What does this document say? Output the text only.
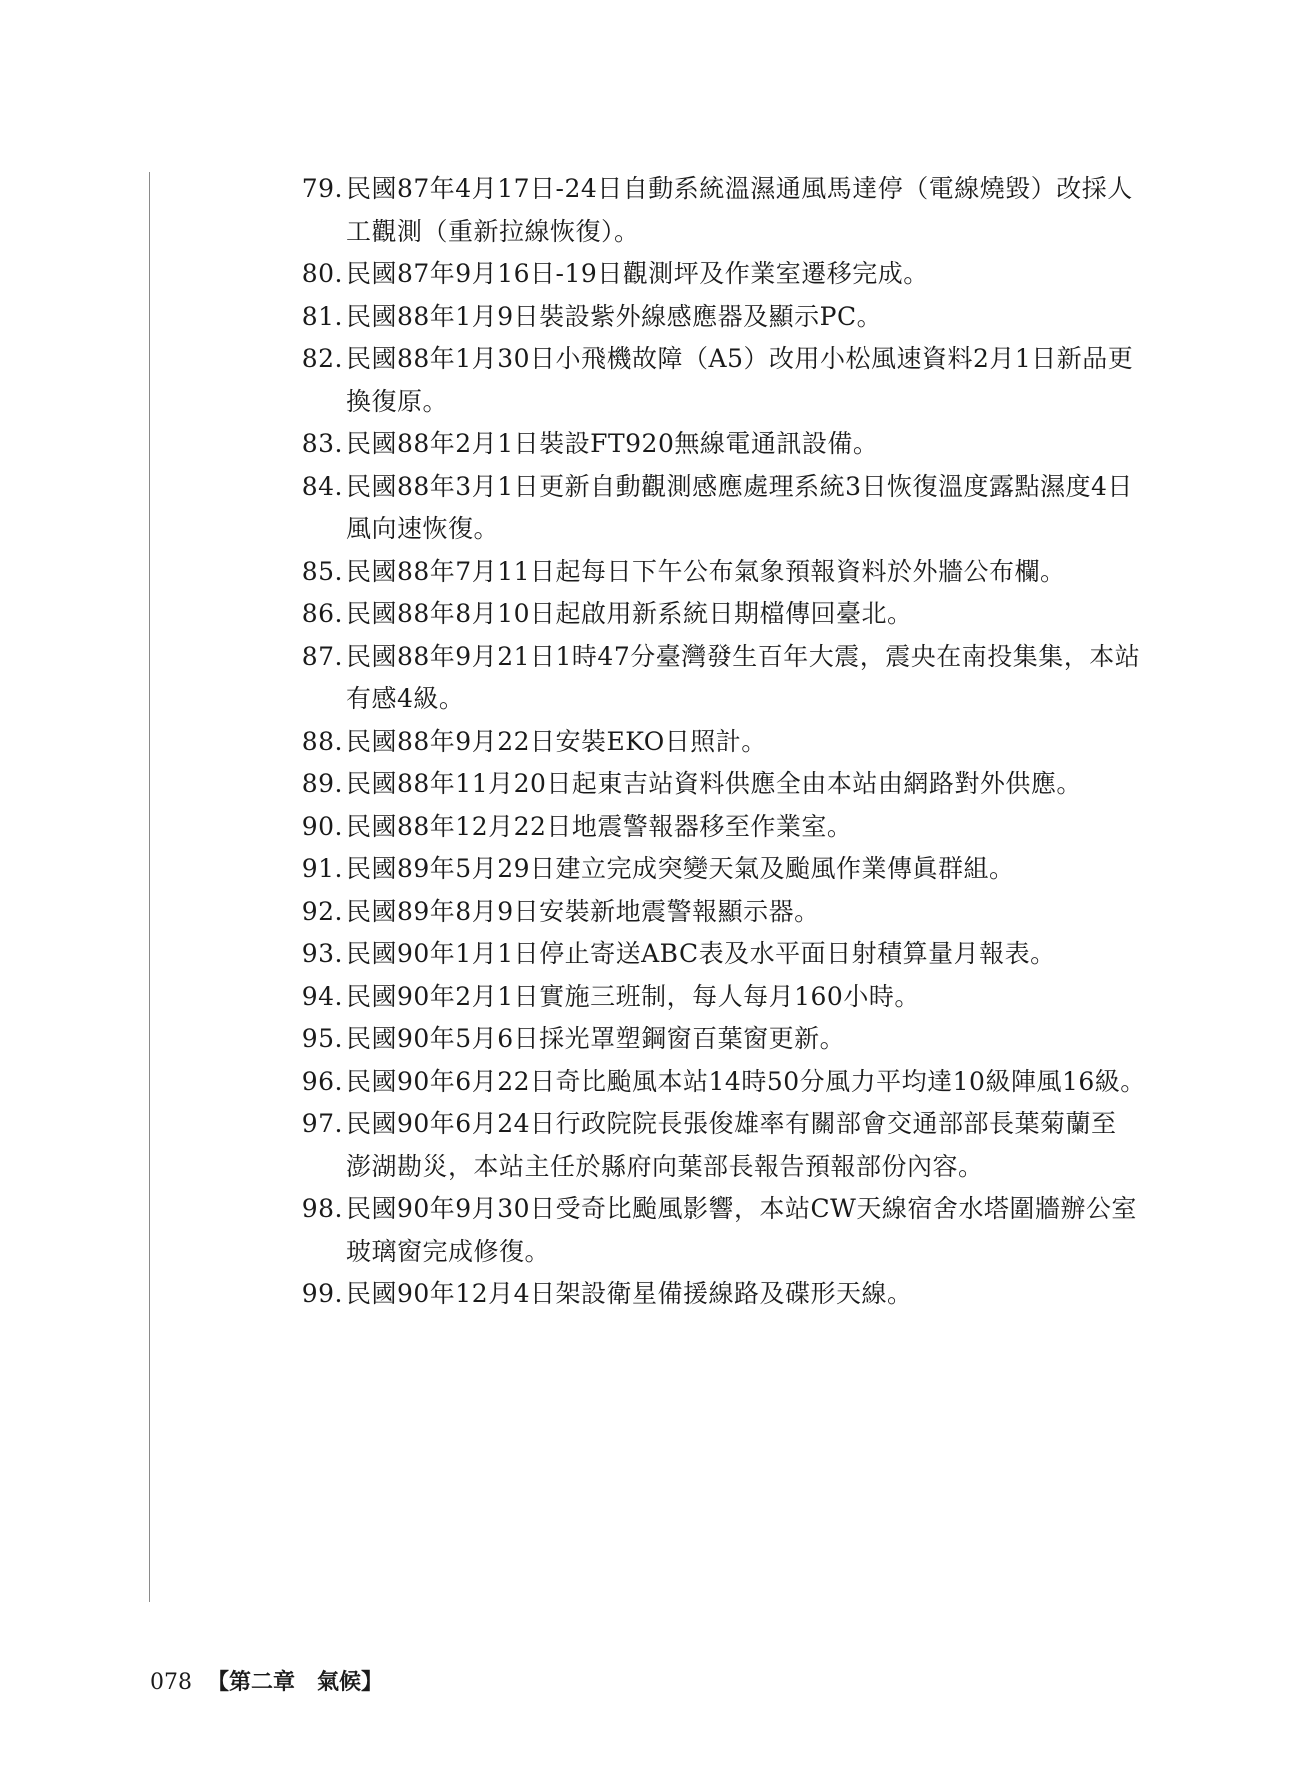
79. 民國87年4月17日-24日自動系統溫濕通風馬達停（電線燒毀）改採人
工觀測（重新拉線恢復）。
80. 民國87年9月16日-19日觀測坪及作業室遷移完成。
81. 民國88年1月9日裝設紫外線感應器及顯示PC。
82. 民國88年1月30日小飛機故障（A5）改用小松風速資料2月1日新品更
換復原。
83. 民國88年2月1日裝設FT920無線電通訊設備。
84. 民國88年3月1日更新自動觀測感應處理系統3日恢復溫度露點濕度4日
風向速恢復。
85. 民國88年7月11日起每日下午公布氣象預報資料於外牆公布欄。
86. 民國88年8月10日起啟用新系統日期檔傳回臺北。
87. 民國88年9月21日1時47分臺灣發生百年大震，震央在南投集集，本站
有感4級。
88. 民國88年9月22日安裝EKO日照計。
89. 民國88年11月20日起東吉站資料供應全由本站由網路對外供應。
90. 民國88年12月22日地震警報器移至作業室。
91. 民國89年5月29日建立完成突變天氣及颱風作業傳眞群組。
92. 民國89年8月9日安裝新地震警報顯示器。
93. 民國90年1月1日停止寄送ABC表及水平面日射積算量月報表。
94. 民國90年2月1日實施三班制，每人每月160小時。
95. 民國90年5月6日採光罩塑鋼窗百葉窗更新。
96. 民國90年6月22日奇比颱風本站14時50分風力平均達10級陣風16級。
97. 民國90年6月24日行政院院長張俊雄率有關部會交通部部長葉菊蘭至
澎湖勘災，本站主任於縣府向葉部長報告預報部份內容。
98. 民國90年9月30日受奇比颱風影響，本站CW天線宿舍水塔圍牆辦公室
玻璃窗完成修復。
99. 民國90年12月4日架設衛星備援線路及碟形天線。
078 【第二章　氣候】
